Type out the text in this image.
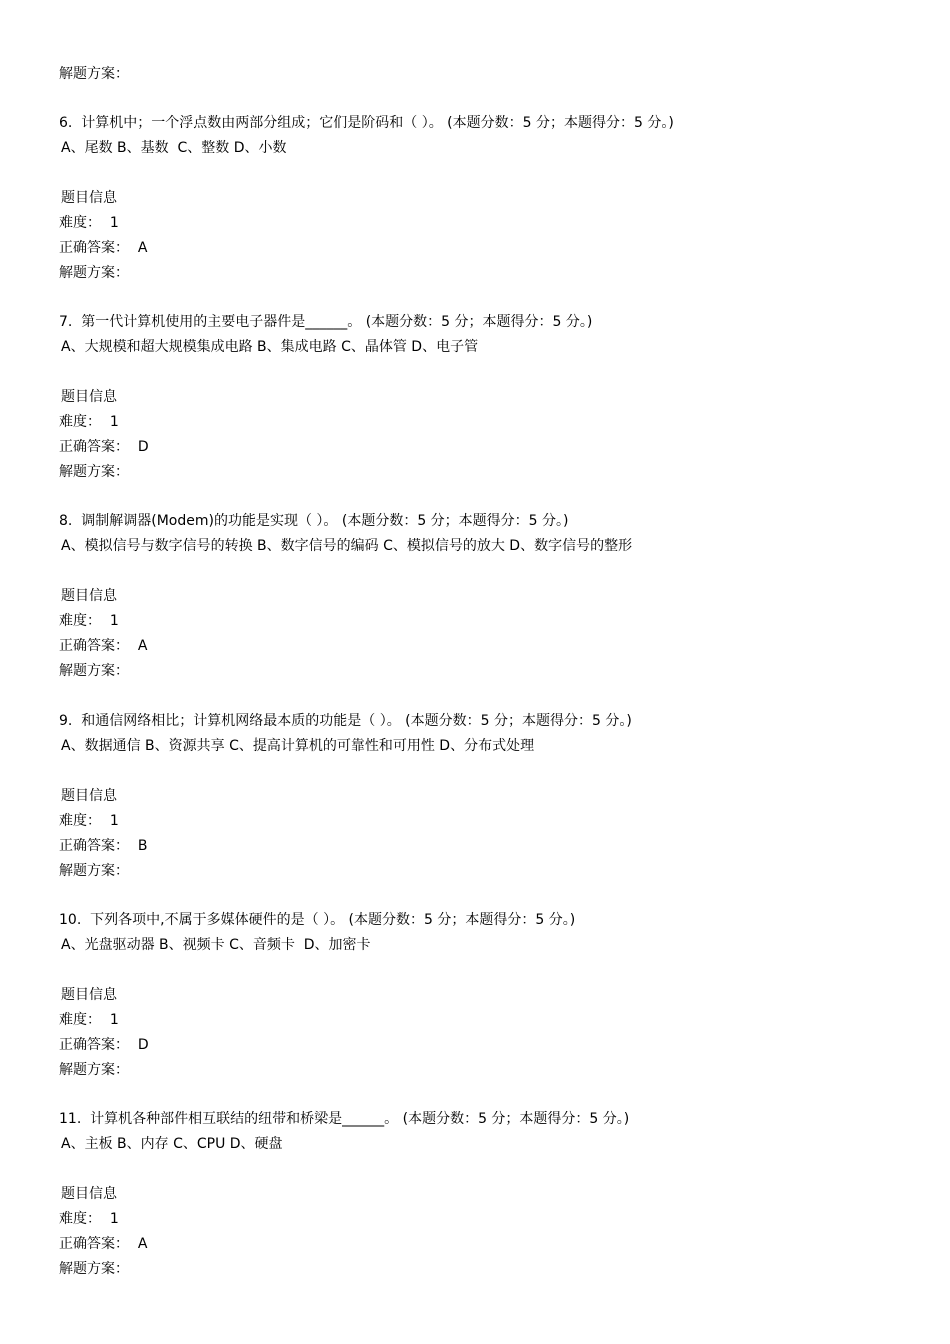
解题方案：
6.  计算机中；一个浮点数由两部分组成；它们是阶码和（ ）。 (本题分数：5 分；本题得分：5 分。)
A、尾数 B、基数  C、整数 D、小数
题目信息
难度：  1
正确答案：  A
解题方案：
7.  第一代计算机使用的主要电子器件是______。 (本题分数：5 分；本题得分：5 分。)
A、大规模和超大规模集成电路 B、集成电路 C、晶体管 D、电子管
题目信息
难度：  1
正确答案：  D
解题方案：
8.  调制解调器(Modem)的功能是实现（ ）。 (本题分数：5 分；本题得分：5 分。)
A、模拟信号与数字信号的转换 B、数字信号的编码 C、模拟信号的放大 D、数字信号的整形
题目信息
难度：  1
正确答案：  A
解题方案：
9.  和通信网络相比；计算机网络最本质的功能是（ ）。 (本题分数：5 分；本题得分：5 分。)
A、数据通信 B、资源共享 C、提高计算机的可靠性和可用性 D、分布式处理
题目信息
难度：  1
正确答案：  B
解题方案：
10.  下列各项中,不属于多媒体硬件的是（ ）。 (本题分数：5 分；本题得分：5 分。)
A、光盘驱动器 B、视频卡 C、音频卡  D、加密卡
题目信息
难度：  1
正确答案：  D
解题方案：
11.  计算机各种部件相互联结的纽带和桥梁是______。 (本题分数：5 分；本题得分：5 分。)
A、主板 B、内存 C、CPU D、硬盘
题目信息
难度：  1
正确答案：  A
解题方案：
